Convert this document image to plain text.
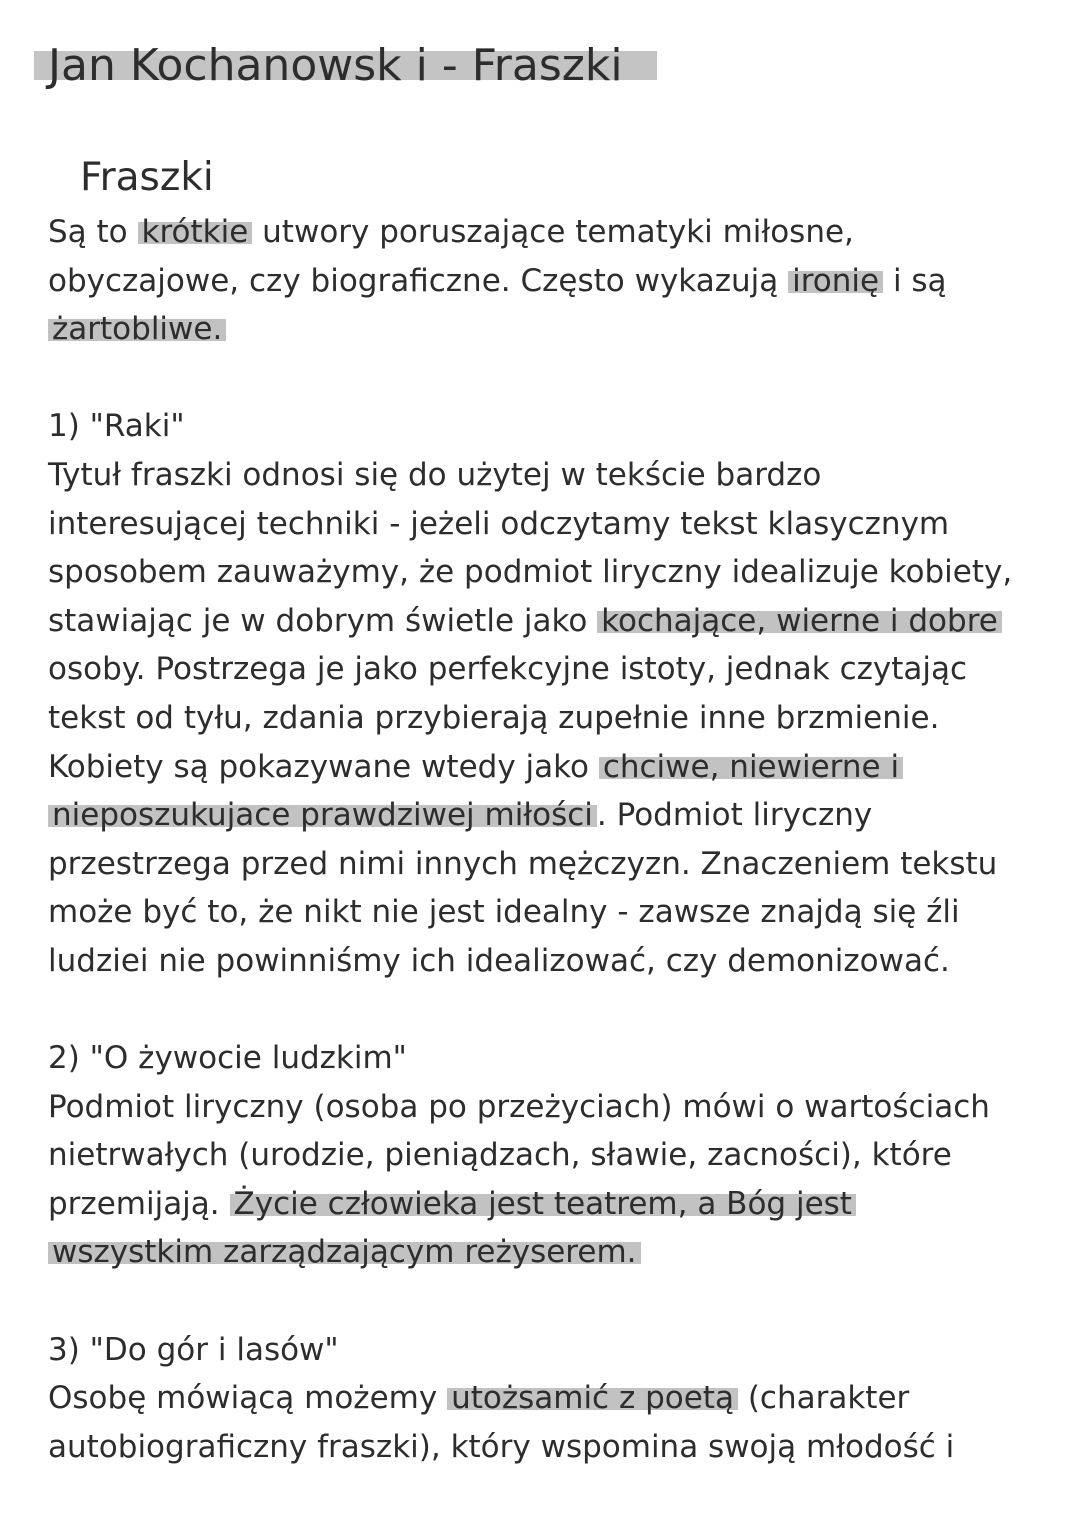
Jan Kochanowsk i - Fraszki
Fraszki
Są to krótkie utwory poruszające tematyki miłosne,
obyczajowe, czy biograficzne. Często wykazują ironię i są
żartobliwe.
1) "Raki"
Tytuł fraszki odnosi się do użytej w tekście bardzo
interesującej techniki - jeżeli odczytamy tekst klasycznym
sposobem zauważymy, że podmiot liryczny idealizuje kobiety,
stawiając je w dobrym świetle jako kochające, wierne i dobre
osoby. Postrzega je jako perfekcyjne istoty, jednak czytając
tekst od tyłu, zdania przybierają zupełnie inne brzmienie.
Kobiety są pokazywane wtedy jako chciwe, niewierne i
nieposzukujace prawdziwej miłości . Podmiot liryczny
przestrzega przed nimi innych mężczyzn. Znaczeniem tekstu
może być to, że nikt nie jest idealny - zawsze znajdą się źli
ludziei nie powinniśmy ich idealizować, czy demonizować.
2) "O żywocie ludzkim"
Podmiot liryczny (osoba po przeżyciach) mówi o wartościach
nietrwałych (urodzie, pieniądzach, sławie, zacności), które
przemijają. Życie człowieka jest teatrem, a Bóg jest
wszystkim zarządzającym reżyserem.
3) "Do gór i lasów"
Osobę mówiącą możemy utożsamić z poetą (charakter
autobiograficzny fraszki), który wspomina swoją młodość i
